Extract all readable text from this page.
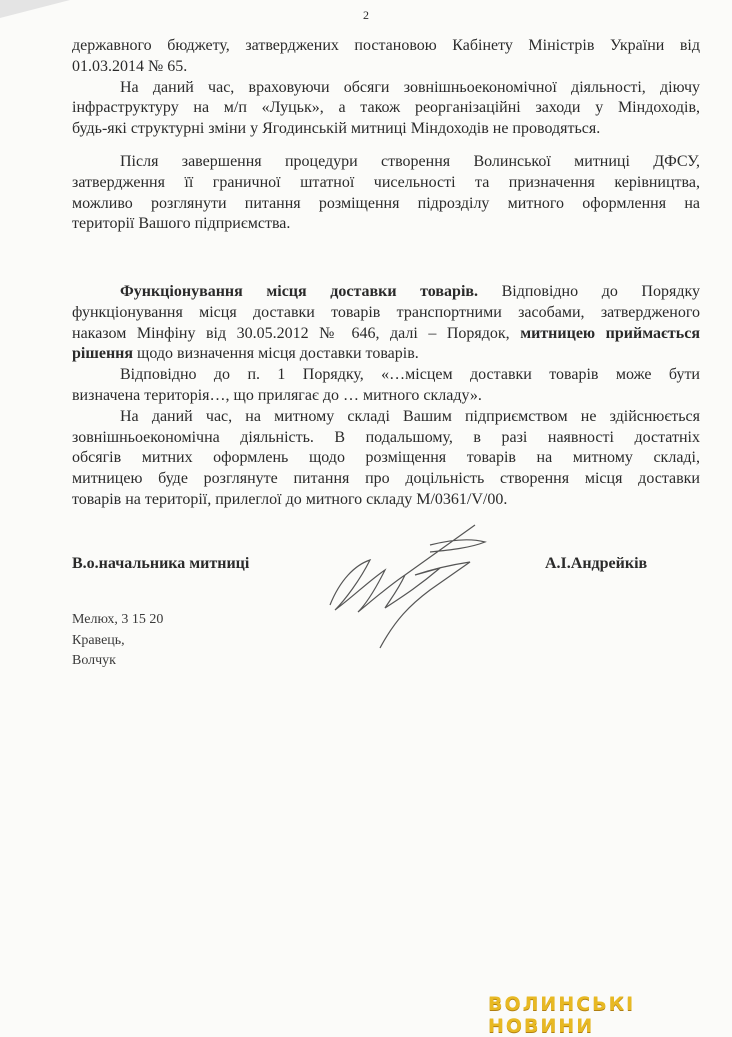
2
державного бюджету, затверджених постановою Кабінету Міністрів України від
01.03.2014 № 65.
На даний час, враховуючи обсяги зовнішньоекономічної діяльності, діючу
інфраструктуру на м/п «Луцьк», а також реорганізаційні заходи у Міндоходів,
будь-які структурні зміни у Ягодинській митниці Міндоходів не проводяться.
Після завершення процедури створення Волинської митниці ДФСУ,
затвердження її граничної штатної чисельності та призначення керівництва,
можливо розглянути питання розміщення підрозділу митного оформлення на
території Вашого підприємства.
Функціонування місця доставки товарів. Відповідно до Порядку
функціонування місця доставки товарів транспортними засобами, затвердженого
наказом Мінфіну від 30.05.2012 № 646, далі – Порядок, митницею приймається
рішення щодо визначення місця доставки товарів.
Відповідно до п. 1 Порядку, «…місцем доставки товарів може бути
визначена територія…, що прилягає до … митного складу».
На даний час, на митному складі Вашим підприємством не здійснюється
зовнішньоекономічна діяльність. В подальшому, в разі наявності достатніх
обсягів митних оформлень щодо розміщення товарів на митному складі,
митницею буде розглянуте питання про доцільність створення місця доставки
товарів на території, прилеглої до митного складу М/0361/V/00.
В.о.начальника митниці	А.І.Андрейків
Мелюх, 3 15 20
Кравець,
Волчук
ВОЛИНСЬКІ НОВИНИ
